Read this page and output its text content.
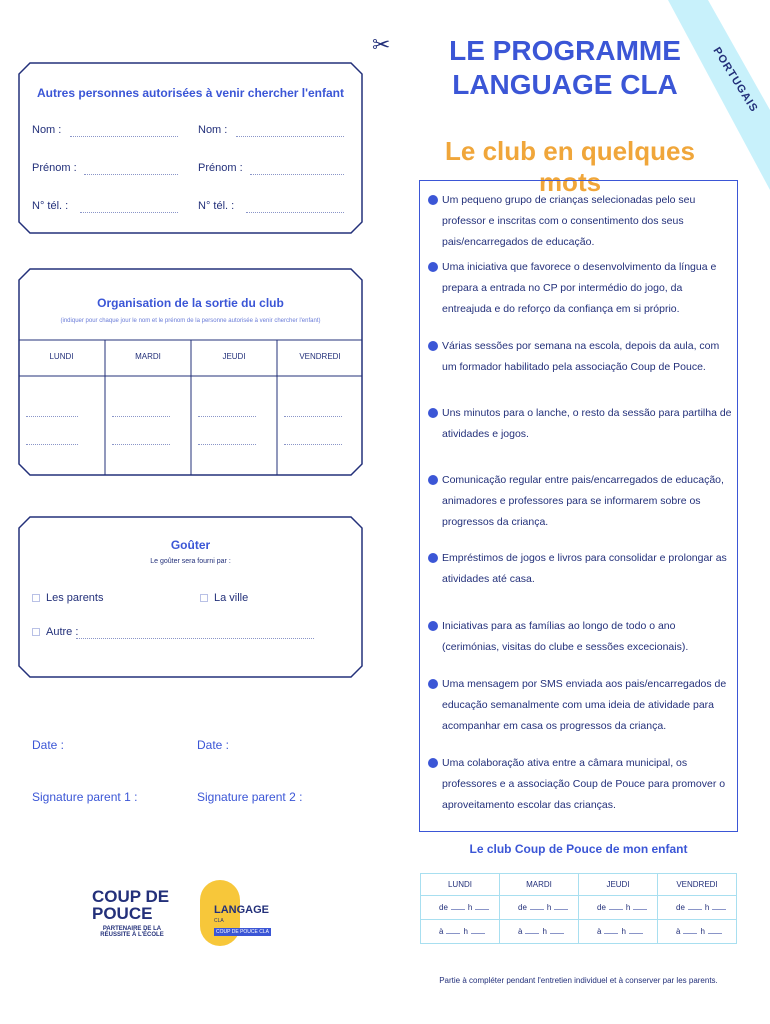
✂
PORTUGAIS
LE PROGRAMME
LANGUAGE CLA
Le club en quelques mots
Autres personnes autorisées à venir chercher l'enfant
Nom :	Nom :
Prénom :	Prénom :
N° tél. :	N° tél. :
Organisation de la sortie du club
(indiquer pour chaque jour le nom et le prénom de la personne autorisée à venir chercher l'enfant)
LUNDI	MARDI	JEUDI	VENDREDI
Goûter
Le goûter sera fourni par :
Les parents	La ville
Autre :
Date :	Date :
Signature parent 1 :	Signature parent 2 :
COUP DE
POUCE
PARTENAIRE DE LA
RÉUSSITE À L'ÉCOLE
LANGAGE
CLA
COUP DE POUCE CLA
Um pequeno grupo de crianças selecionadas pelo seu professor e inscritas com o consentimento dos seus pais/encarregados de educação.
Uma iniciativa que favorece o desenvolvimento da língua e prepara a entrada no CP por intermédio do jogo, da entreajuda e do reforço da confiança em si próprio.
Várias sessões por semana na escola, depois da aula, com um formador habilitado pela associação Coup de Pouce.
Uns minutos para o lanche, o resto da sessão para partilha de atividades e jogos.
Comunicação regular entre pais/encarregados de educação, animadores e professores para se informarem sobre os progressos da criança.
Empréstimos de jogos e livros para consolidar e prolongar as atividades até casa.
Iniciativas para as famílias ao longo de todo o ano (cerimónias, visitas do clube e sessões excecionais).
Uma mensagem por SMS enviada aos pais/encarregados de educação semanalmente com uma ideia de atividade para acompanhar em casa os progressos da criança.
Uma colaboração ativa entre a câmara municipal, os professores e a associação Coup de Pouce para promover o aproveitamento escolar das crianças.
Le club Coup de Pouce de mon enfant
LUNDI	MARDI	JEUDI	VENDREDI
de h	de h	de h	de h
à h	à h	à h	à h
Partie à compléter pendant l'entretien individuel et à conserver par les parents.
